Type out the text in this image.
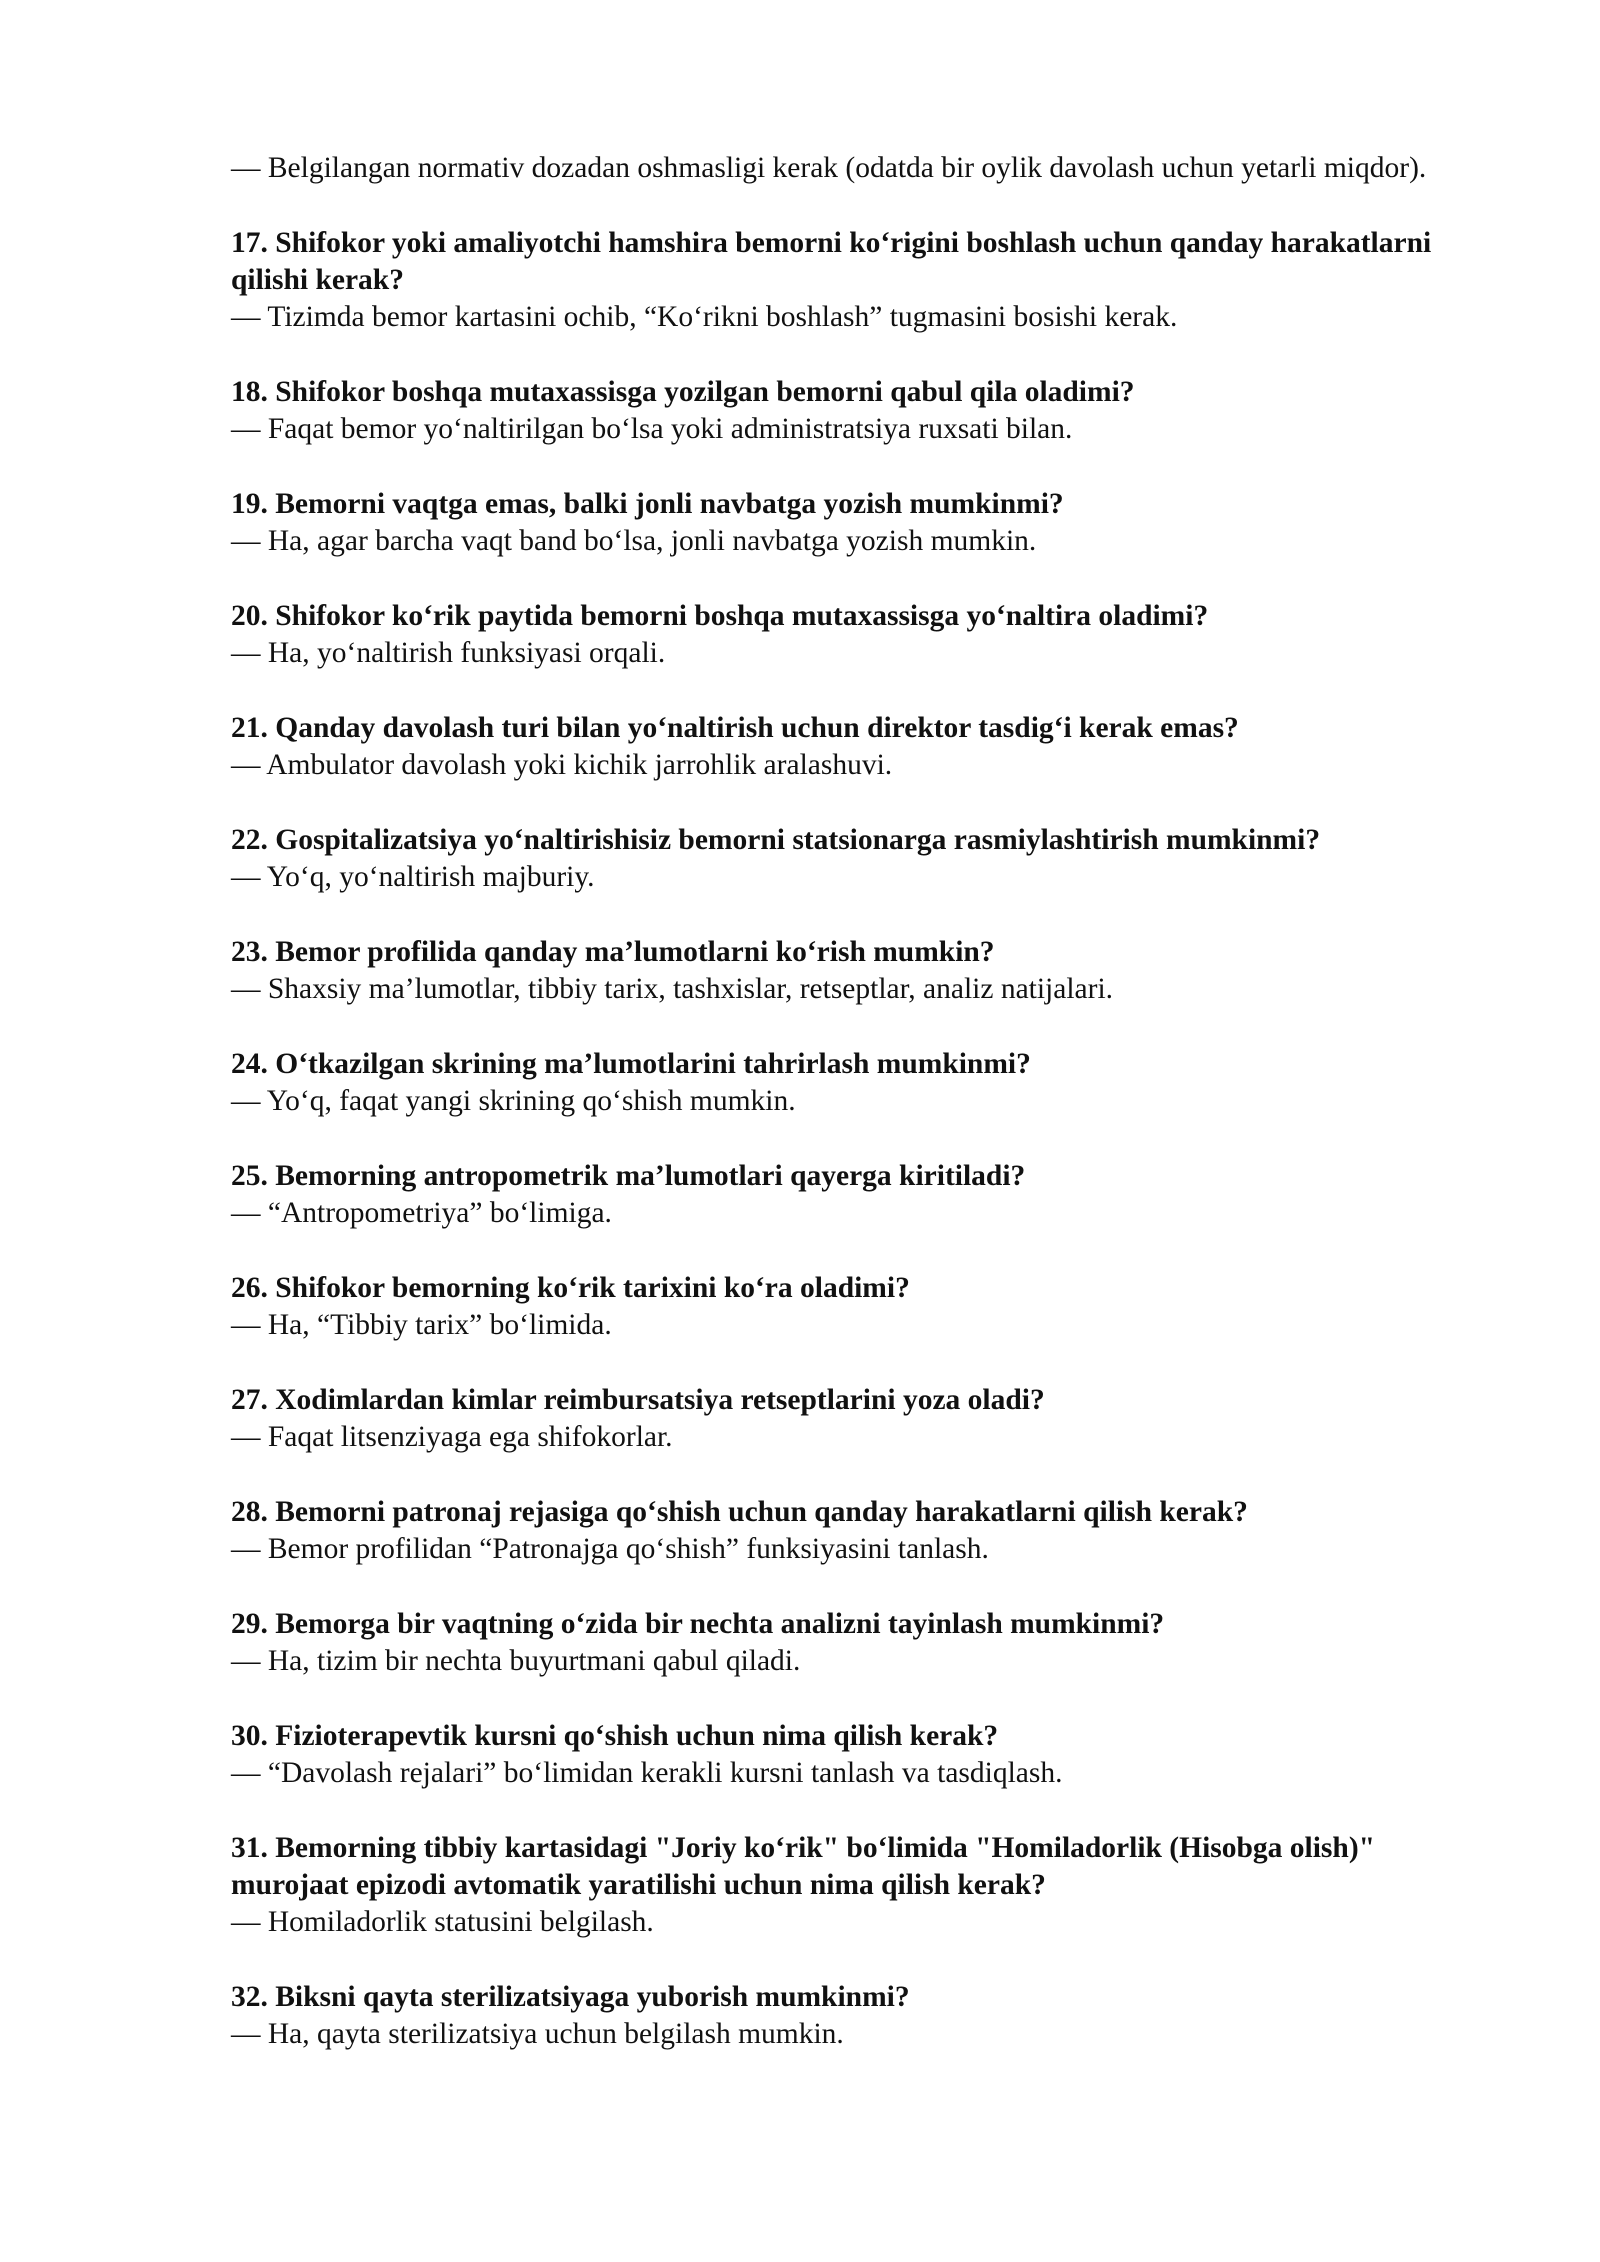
— Belgilangan normativ dozadan oshmasligi kerak (odatda bir oylik davolash uchun yetarli miqdor).

17. Shifokor yoki amaliyotchi hamshira bemorni ko‘rigini boshlash uchun qanday harakatlarni qilishi kerak?

— Tizimda bemor kartasini ochib, “Ko‘rikni boshlash” tugmasini bosishi kerak.

18. Shifokor boshqa mutaxassisga yozilgan bemorni qabul qila oladimi?

— Faqat bemor yo‘naltirilgan bo‘lsa yoki administratsiya ruxsati bilan.

19. Bemorni vaqtga emas, balki jonli navbatga yozish mumkinmi?

— Ha, agar barcha vaqt band bo‘lsa, jonli navbatga yozish mumkin.

20. Shifokor ko‘rik paytida bemorni boshqa mutaxassisga yo‘naltira oladimi?

— Ha, yo‘naltirish funksiyasi orqali.

21. Qanday davolash turi bilan yo‘naltirish uchun direktor tasdig‘i kerak emas?

— Ambulator davolash yoki kichik jarrohlik aralashuvi.

22. Gospitalizatsiya yo‘naltirishisiz bemorni statsionarga rasmiylashtirish mumkinmi?

— Yo‘q, yo‘naltirish majburiy.

23. Bemor profilida qanday ma’lumotlarni ko‘rish mumkin?

— Shaxsiy ma’lumotlar, tibbiy tarix, tashxislar, retseptlar, analiz natijalari.

24. O‘tkazilgan skrining ma’lumotlarini tahrirlash mumkinmi?

— Yo‘q, faqat yangi skrining qo‘shish mumkin.

25. Bemorning antropometrik ma’lumotlari qayerga kiritiladi?

— “Antropometriya” bo‘limiga.

26. Shifokor bemorning ko‘rik tarixini ko‘ra oladimi?

— Ha, “Tibbiy tarix” bo‘limida.

27. Xodimlardan kimlar reimbursatsiya retseptlarini yoza oladi?

— Faqat litsenziyaga ega shifokorlar.

28. Bemorni patronaj rejasiga qo‘shish uchun qanday harakatlarni qilish kerak?

— Bemor profilidan “Patronajga qo‘shish” funksiyasini tanlash.

29. Bemorga bir vaqtning o‘zida bir nechta analizni tayinlash mumkinmi?

— Ha, tizim bir nechta buyurtmani qabul qiladi.

30. Fizioterapevtik kursni qo‘shish uchun nima qilish kerak?

— “Davolash rejalari” bo‘limidan kerakli kursni tanlash va tasdiqlash.

31. Bemorning tibbiy kartasidagi "Joriy ko‘rik" bo‘limida "Homiladorlik (Hisobga olish)" murojaat epizodi avtomatik yaratilishi uchun nima qilish kerak?

— Homiladorlik statusini belgilash.

32. Biksni qayta sterilizatsiyaga yuborish mumkinmi?

— Ha, qayta sterilizatsiya uchun belgilash mumkin.
